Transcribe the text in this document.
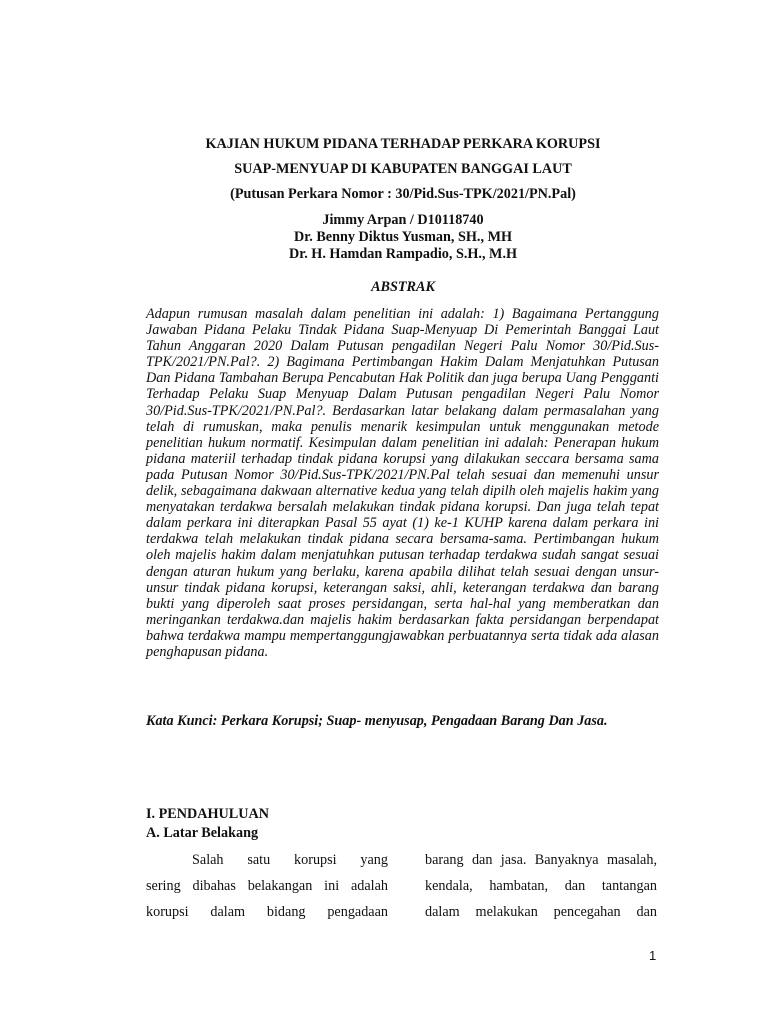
KAJIAN HUKUM PIDANA TERHADAP PERKARA KORUPSI
SUAP-MENYUAP DI KABUPATEN BANGGAI LAUT
(Putusan Perkara Nomor : 30/Pid.Sus-TPK/2021/PN.Pal)
Jimmy Arpan / D10118740
Dr. Benny Diktus Yusman, SH., MH
Dr. H. Hamdan Rampadio, S.H., M.H
ABSTRAK
Adapun rumusan masalah dalam penelitian ini adalah: 1) Bagaimana Pertanggung Jawaban Pidana Pelaku Tindak Pidana Suap-Menyuap Di Pemerintah Banggai Laut Tahun Anggaran 2020 Dalam Putusan pengadilan Negeri Palu Nomor 30/Pid.Sus-TPK/2021/PN.Pal?. 2) Bagimana Pertimbangan Hakim Dalam Menjatuhkan Putusan Dan Pidana Tambahan Berupa Pencabutan Hak Politik dan juga berupa Uang Pengganti Terhadap Pelaku Suap Menyuap Dalam Putusan pengadilan Negeri Palu Nomor 30/Pid.Sus-TPK/2021/PN.Pal?. Berdasarkan latar belakang dalam permasalahan yang telah di rumuskan, maka penulis menarik kesimpulan untuk menggunakan metode penelitian hukum normatif. Kesimpulan dalam penelitian ini adalah: Penerapan hukum pidana materiil terhadap tindak pidana korupsi yang dilakukan seccara bersama sama pada Putusan Nomor 30/Pid.Sus-TPK/2021/PN.Pal telah sesuai dan memenuhi unsur delik, sebagaimana dakwaan alternative kedua yang telah dipilh oleh majelis hakim yang menyatakan terdakwa bersalah melakukan tindak pidana korupsi. Dan juga telah tepat dalam perkara ini diterapkan Pasal 55 ayat (1) ke-1 KUHP karena dalam perkara ini terdakwa telah melakukan tindak pidana secara bersama-sama. Pertimbangan hukum oleh majelis hakim dalam menjatuhkan putusan terhadap terdakwa sudah sangat sesuai dengan aturan hukum yang berlaku, karena apabila dilihat telah sesuai dengan unsur-unsur tindak pidana korupsi, keterangan saksi, ahli, keterangan terdakwa dan barang bukti yang diperoleh saat proses persidangan, serta hal-hal yang memberatkan dan meringankan terdakwa.dan majelis hakim berdasarkan fakta persidangan berpendapat bahwa terdakwa mampu mempertanggungjawabkan perbuatannya serta tidak ada alasan penghapusan pidana.
Kata Kunci: Perkara Korupsi; Suap- menyusap, Pengadaan Barang Dan Jasa.
I. PENDAHULUAN
A. Latar Belakang
Salah satu korupsi yang
sering dibahas belakangan ini adalah
korupsi dalam bidang pengadaan
barang dan jasa. Banyaknya masalah,
kendala, hambatan, dan tantangan
dalam melakukan pencegahan dan
1
